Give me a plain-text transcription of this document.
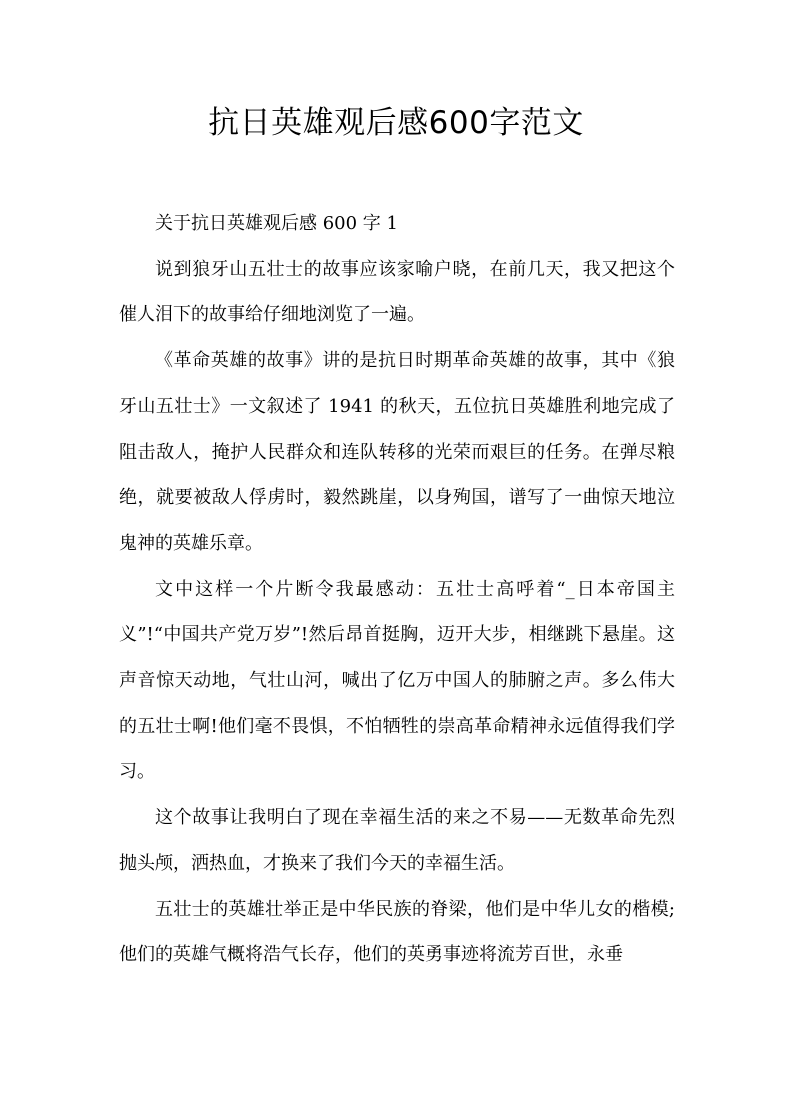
抗日英雄观后感600字范文

关于抗日英雄观后感 600 字 1

说到狼牙山五壮士的故事应该家喻户晓，在前几天，我又把这个催人泪下的故事给仔细地浏览了一遍。

《革命英雄的故事》讲的是抗日时期革命英雄的故事，其中《狼牙山五壮士》一文叙述了 1941 的秋天，五位抗日英雄胜利地完成了阻击敌人，掩护人民群众和连队转移的光荣而艰巨的任务。在弹尽粮绝，就要被敌人俘虏时，毅然跳崖，以身殉国，谱写了一曲惊天地泣鬼神的英雄乐章。

文中这样一个片断令我最感动：五壮士高呼着“_日本帝国主义”!“中国共产党万岁”!然后昂首挺胸，迈开大步，相继跳下悬崖。这声音惊天动地，气壮山河，喊出了亿万中国人的肺腑之声。多么伟大的五壮士啊!他们毫不畏惧，不怕牺牲的崇高革命精神永远值得我们学习。

这个故事让我明白了现在幸福生活的来之不易——无数革命先烈抛头颅，洒热血，才换来了我们今天的幸福生活。

五壮士的英雄壮举正是中华民族的脊梁，他们是中华儿女的楷模;他们的英雄气概将浩气长存，他们的英勇事迹将流芳百世，永垂
